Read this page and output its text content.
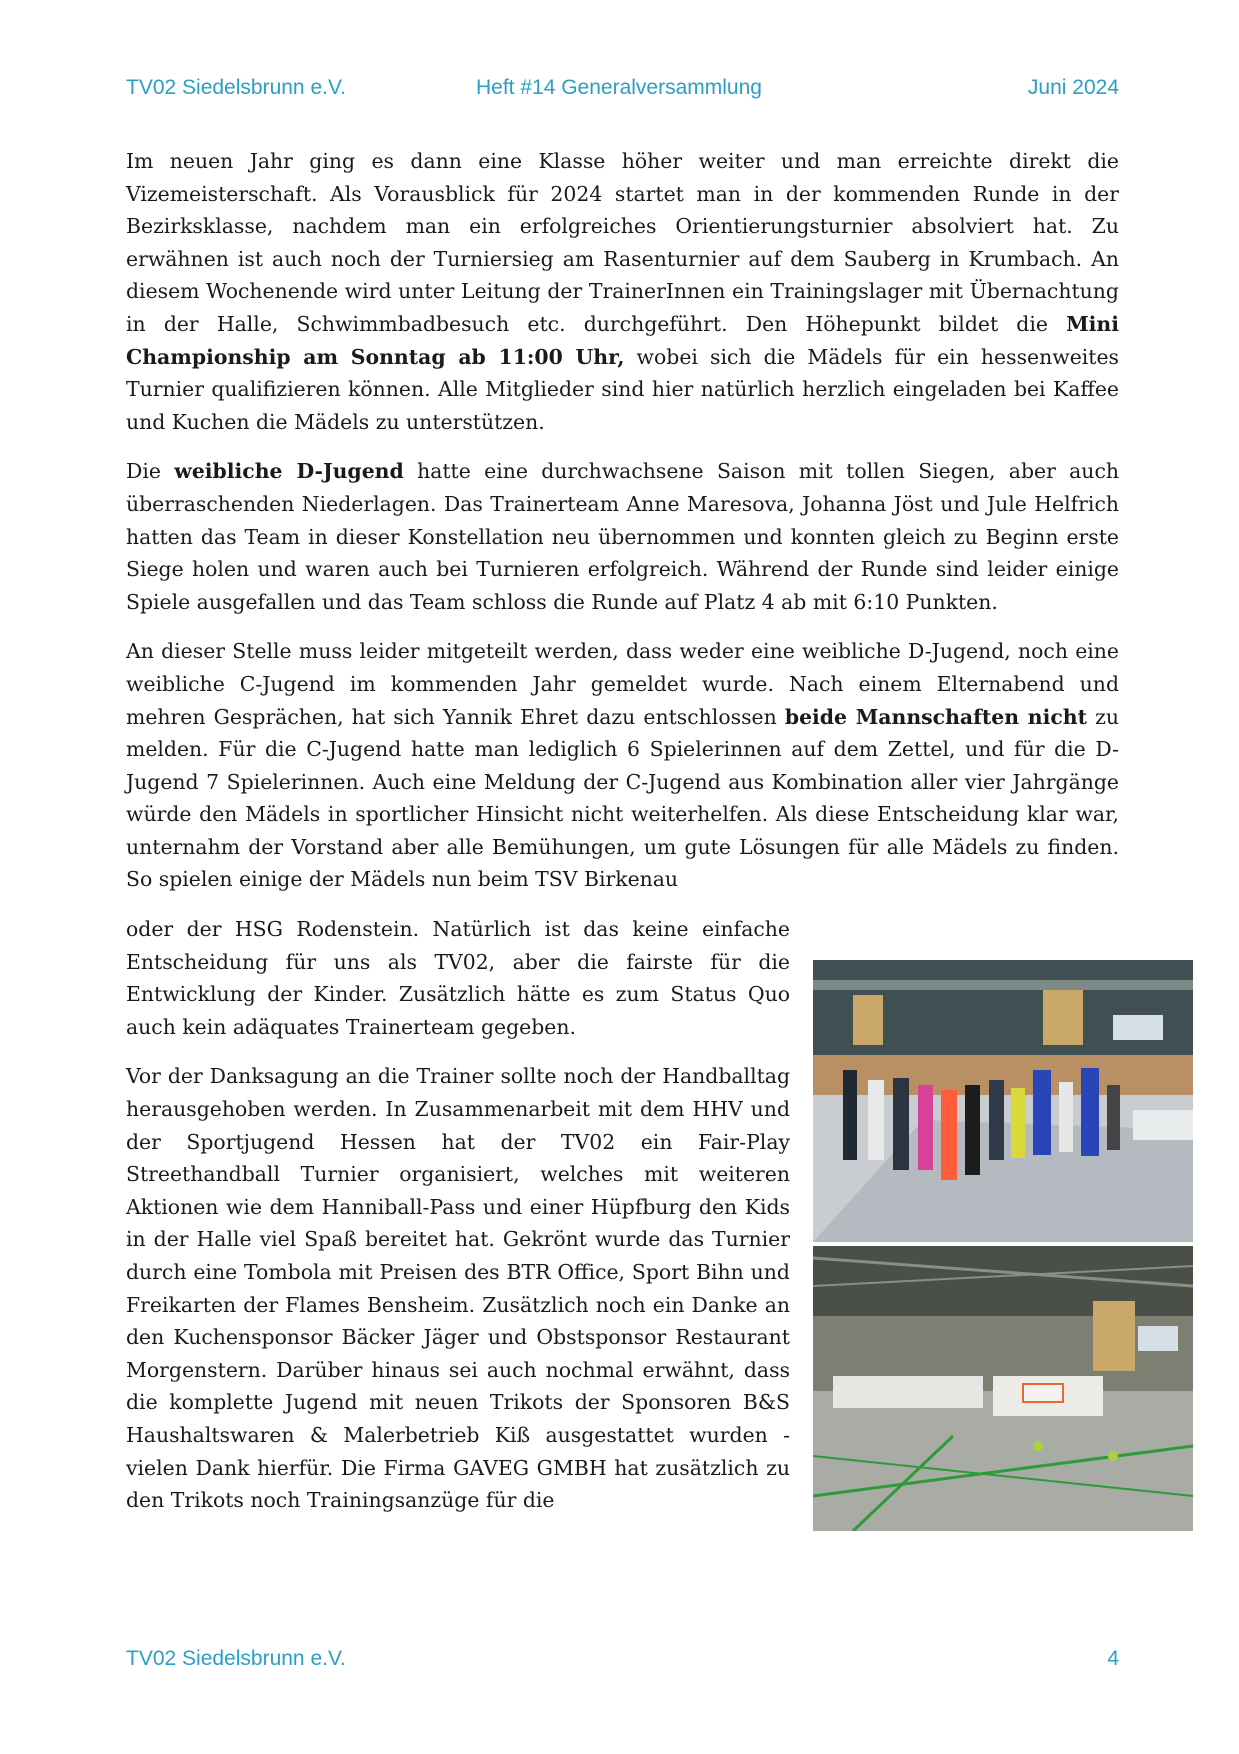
TV02 Siedelsbrunn e.V.	Heft #14 Generalversammlung	Juni 2024

Im neuen Jahr ging es dann eine Klasse höher weiter und man erreichte direkt die Vizemeisterschaft. Als Vorausblick für 2024 startet man in der kommenden Runde in der Bezirksklasse, nachdem man ein erfolgreiches Orientierungsturnier absolviert hat. Zu erwähnen ist auch noch der Turniersieg am Rasenturnier auf dem Sauberg in Krumbach. An diesem Wochenende wird unter Leitung der TrainerInnen ein Trainingslager mit Übernachtung in der Halle, Schwimmbadbesuch etc. durchgeführt. Den Höhepunkt bildet die Mini Championship am Sonntag ab 11:00 Uhr, wobei sich die Mädels für ein hessenweites Turnier qualifizieren können. Alle Mitglieder sind hier natürlich herzlich eingeladen bei Kaffee und Kuchen die Mädels zu unterstützen.

Die weibliche D-Jugend hatte eine durchwachsene Saison mit tollen Siegen, aber auch überraschenden Niederlagen. Das Trainerteam Anne Maresova, Johanna Jöst und Jule Helfrich hatten das Team in dieser Konstellation neu übernommen und konnten gleich zu Beginn erste Siege holen und waren auch bei Turnieren erfolgreich. Während der Runde sind leider einige Spiele ausgefallen und das Team schloss die Runde auf Platz 4 ab mit 6:10 Punkten.

An dieser Stelle muss leider mitgeteilt werden, dass weder eine weibliche D-Jugend, noch eine weibliche C-Jugend im kommenden Jahr gemeldet wurde. Nach einem Elternabend und mehren Gesprächen, hat sich Yannik Ehret dazu entschlossen beide Mannschaften nicht zu melden. Für die C-Jugend hatte man lediglich 6 Spielerinnen auf dem Zettel, und für die D-Jugend 7 Spielerinnen. Auch eine Meldung der C-Jugend aus Kombination aller vier Jahrgänge würde den Mädels in sportlicher Hinsicht nicht weiterhelfen. Als diese Entscheidung klar war, unternahm der Vorstand aber alle Bemühungen, um gute Lösungen für alle Mädels zu finden. So spielen einige der Mädels nun beim TSV Birkenau

oder der HSG Rodenstein. Natürlich ist das keine einfache Entscheidung für uns als TV02, aber die fairste für die Entwicklung der Kinder. Zusätzlich hätte es zum Status Quo auch kein adäquates Trainerteam gegeben.

Vor der Danksagung an die Trainer sollte noch der Handballtag herausgehoben werden. In Zusammenarbeit mit dem HHV und der Sportjugend Hessen hat der TV02 ein Fair-Play Streethandball Turnier organisiert, welches mit weiteren Aktionen wie dem Hanniball-Pass und einer Hüpfburg den Kids in der Halle viel Spaß bereitet hat. Gekrönt wurde das Turnier durch eine Tombola mit Preisen des BTR Office, Sport Bihn und Freikarten der Flames Bensheim. Zusätzlich noch ein Danke an den Kuchensponsor Bäcker Jäger und Obstsponsor Restaurant Morgenstern. Darüber hinaus sei auch nochmal erwähnt, dass die komplette Jugend mit neuen Trikots der Sponsoren B&S Haushaltswaren & Malerbetrieb Kiß ausgestattet wurden - vielen Dank hierfür. Die Firma GAVEG GMBH hat zusätzlich zu den Trikots noch Trainingsanzüge für die

TV02 Siedelsbrunn e.V.	4
